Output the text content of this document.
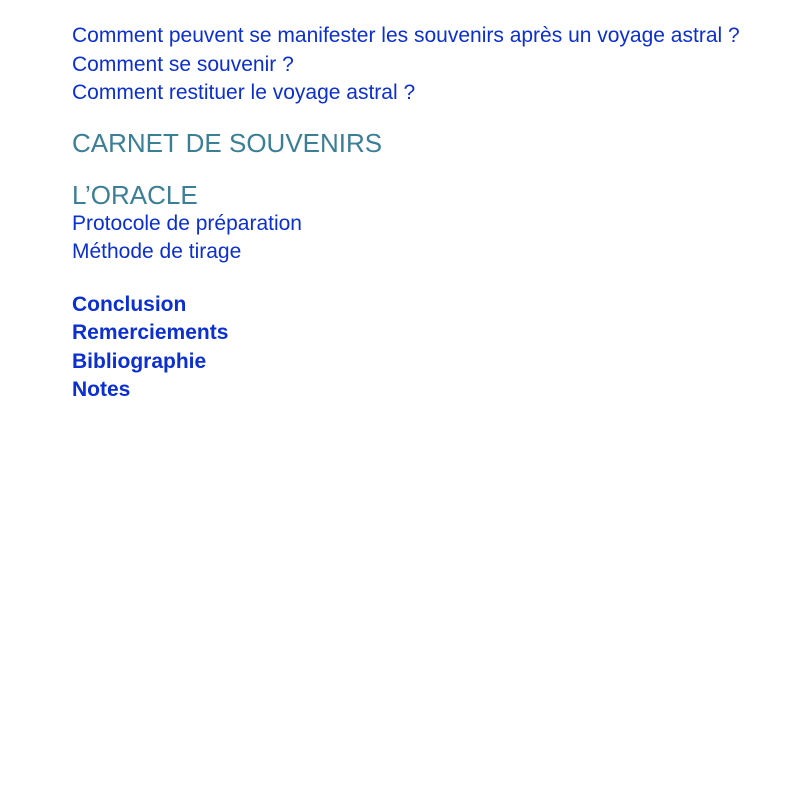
Comment peuvent se manifester les souvenirs après un voyage astral ?
Comment se souvenir ?
Comment restituer le voyage astral ?
CARNET DE SOUVENIRS
L’ORACLE
Protocole de préparation
Méthode de tirage
Conclusion
Remerciements
Bibliographie
Notes
